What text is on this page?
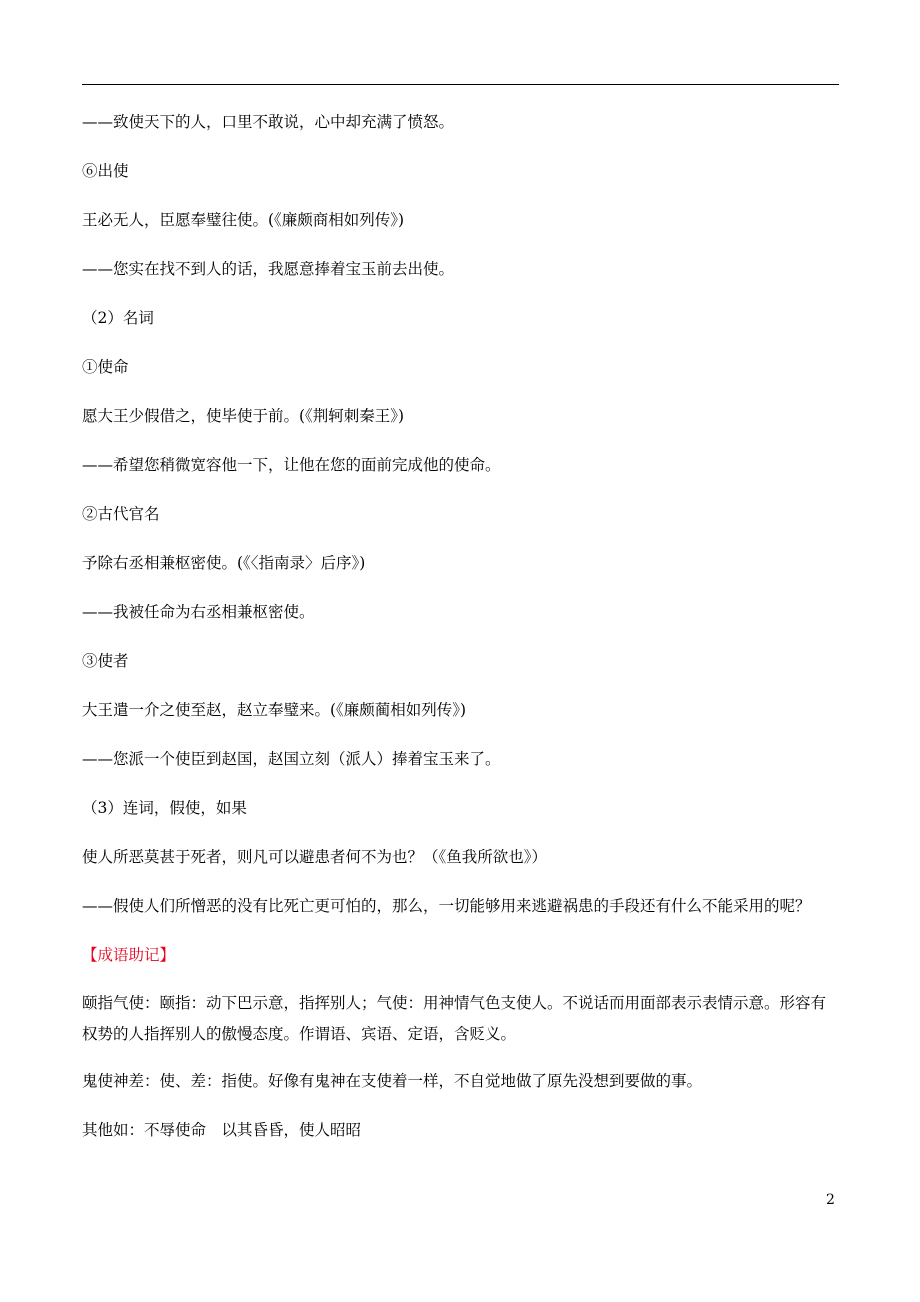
——致使天下的人，口里不敢说，心中却充满了愤怒。
⑥出使
王必无人，臣愿奉璧往使。(《廉颇商相如列传》)
——您实在找不到人的话，我愿意捧着宝玉前去出使。
（2）名词
①使命
愿大王少假借之，使毕使于前。(《荆轲刺秦王》)
——希望您稍微宽容他一下，让他在您的面前完成他的使命。
②古代官名
予除右丞相兼枢密使。(《〈指南录〉后序》)
——我被任命为右丞相兼枢密使。
③使者
大王遣一介之使至赵，赵立奉璧来。(《廉颇蔺相如列传》)
——您派一个使臣到赵国，赵国立刻（派人）捧着宝玉来了。
（3）连词，假使，如果
使人所恶莫甚于死者，则凡可以避患者何不为也？（《鱼我所欲也》）
——假使人们所憎恶的没有比死亡更可怕的，那么，一切能够用来逃避祸患的手段还有什么不能采用的呢？
【成语助记】
颐指气使：颐指：动下巴示意，指挥别人；气使：用神情气色支使人。不说话而用面部表示表情示意。形容有权势的人指挥别人的傲慢态度。作谓语、宾语、定语，含贬义。
鬼使神差：使、差：指使。好像有鬼神在支使着一样，不自觉地做了原先没想到要做的事。
其他如：不辱使命　以其昏昏，使人昭昭
2
